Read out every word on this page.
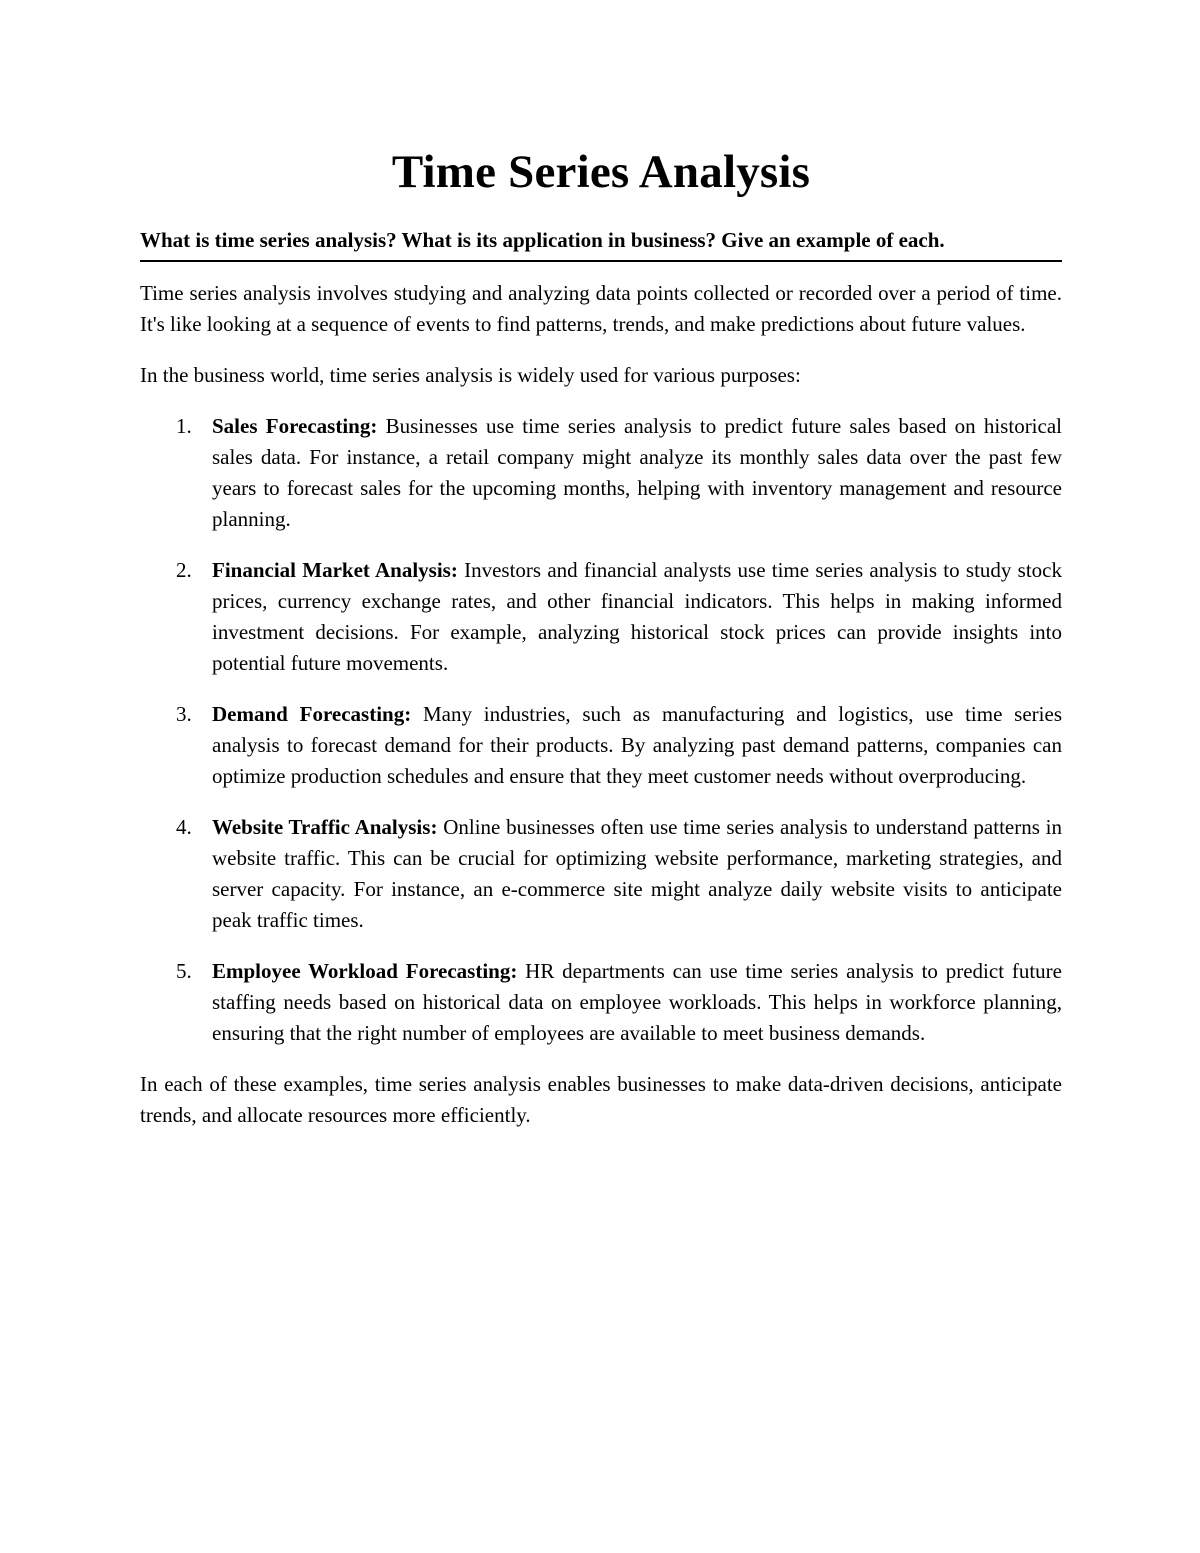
Time Series Analysis
What is time series analysis? What is its application in business? Give an example of each.

Time series analysis involves studying and analyzing data points collected or recorded over a period of time. It's like looking at a sequence of events to find patterns, trends, and make predictions about future values.

In the business world, time series analysis is widely used for various purposes:

1. Sales Forecasting: Businesses use time series analysis to predict future sales based on historical sales data. For instance, a retail company might analyze its monthly sales data over the past few years to forecast sales for the upcoming months, helping with inventory management and resource planning.
2. Financial Market Analysis: Investors and financial analysts use time series analysis to study stock prices, currency exchange rates, and other financial indicators. This helps in making informed investment decisions. For example, analyzing historical stock prices can provide insights into potential future movements.
3. Demand Forecasting: Many industries, such as manufacturing and logistics, use time series analysis to forecast demand for their products. By analyzing past demand patterns, companies can optimize production schedules and ensure that they meet customer needs without overproducing.
4. Website Traffic Analysis: Online businesses often use time series analysis to understand patterns in website traffic. This can be crucial for optimizing website performance, marketing strategies, and server capacity. For instance, an e-commerce site might analyze daily website visits to anticipate peak traffic times.
5. Employee Workload Forecasting: HR departments can use time series analysis to predict future staffing needs based on historical data on employee workloads. This helps in workforce planning, ensuring that the right number of employees are available to meet business demands.

In each of these examples, time series analysis enables businesses to make data-driven decisions, anticipate trends, and allocate resources more efficiently.
